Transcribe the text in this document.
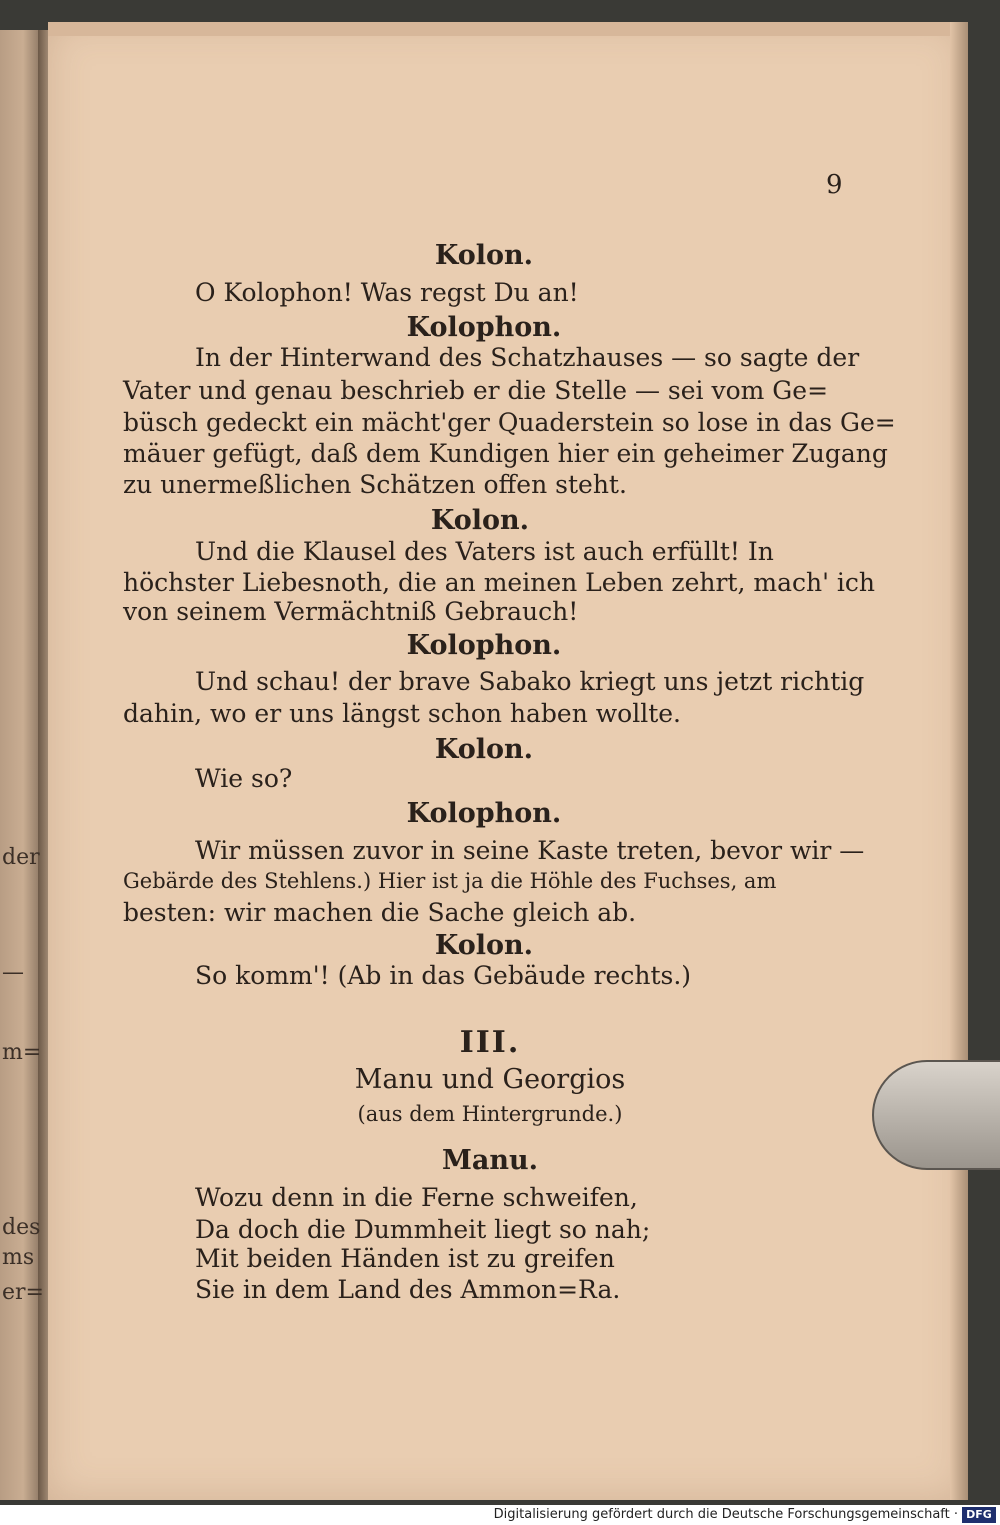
der
—
m=
des
ms
er=
9
Kolon.
O Kolophon! Was regst Du an!
Kolophon.
In der Hinterwand des Schatzhauses — so sagte der
Vater und genau beschrieb er die Stelle — sei vom Ge=
büsch gedeckt ein mächt'ger Quaderstein so lose in das Ge=
mäuer gefügt, daß dem Kundigen hier ein geheimer Zugang
zu unermeßlichen Schätzen offen steht.
Kolon.
Und die Klausel des Vaters ist auch erfüllt! In
höchster Liebesnoth, die an meinen Leben zehrt, mach' ich
von seinem Vermächtniß Gebrauch!
Kolophon.
Und schau! der brave Sabako kriegt uns jetzt richtig
dahin, wo er uns längst schon haben wollte.
Kolon.
Wie so?
Kolophon.
Wir müssen zuvor in seine Kaste treten, bevor wir —
Gebärde des Stehlens.) Hier ist ja die Höhle des Fuchses, am
besten: wir machen die Sache gleich ab.
Kolon.
So komm'! (Ab in das Gebäude rechts.)
III.
Manu und Georgios
(aus dem Hintergrunde.)
Manu.
Wozu denn in die Ferne schweifen,
Da doch die Dummheit liegt so nah;
Mit beiden Händen ist zu greifen
Sie in dem Land des Ammon=Ra.
Digitalisierung gefördert durch die Deutsche Forschungsgemeinschaft · DFG
